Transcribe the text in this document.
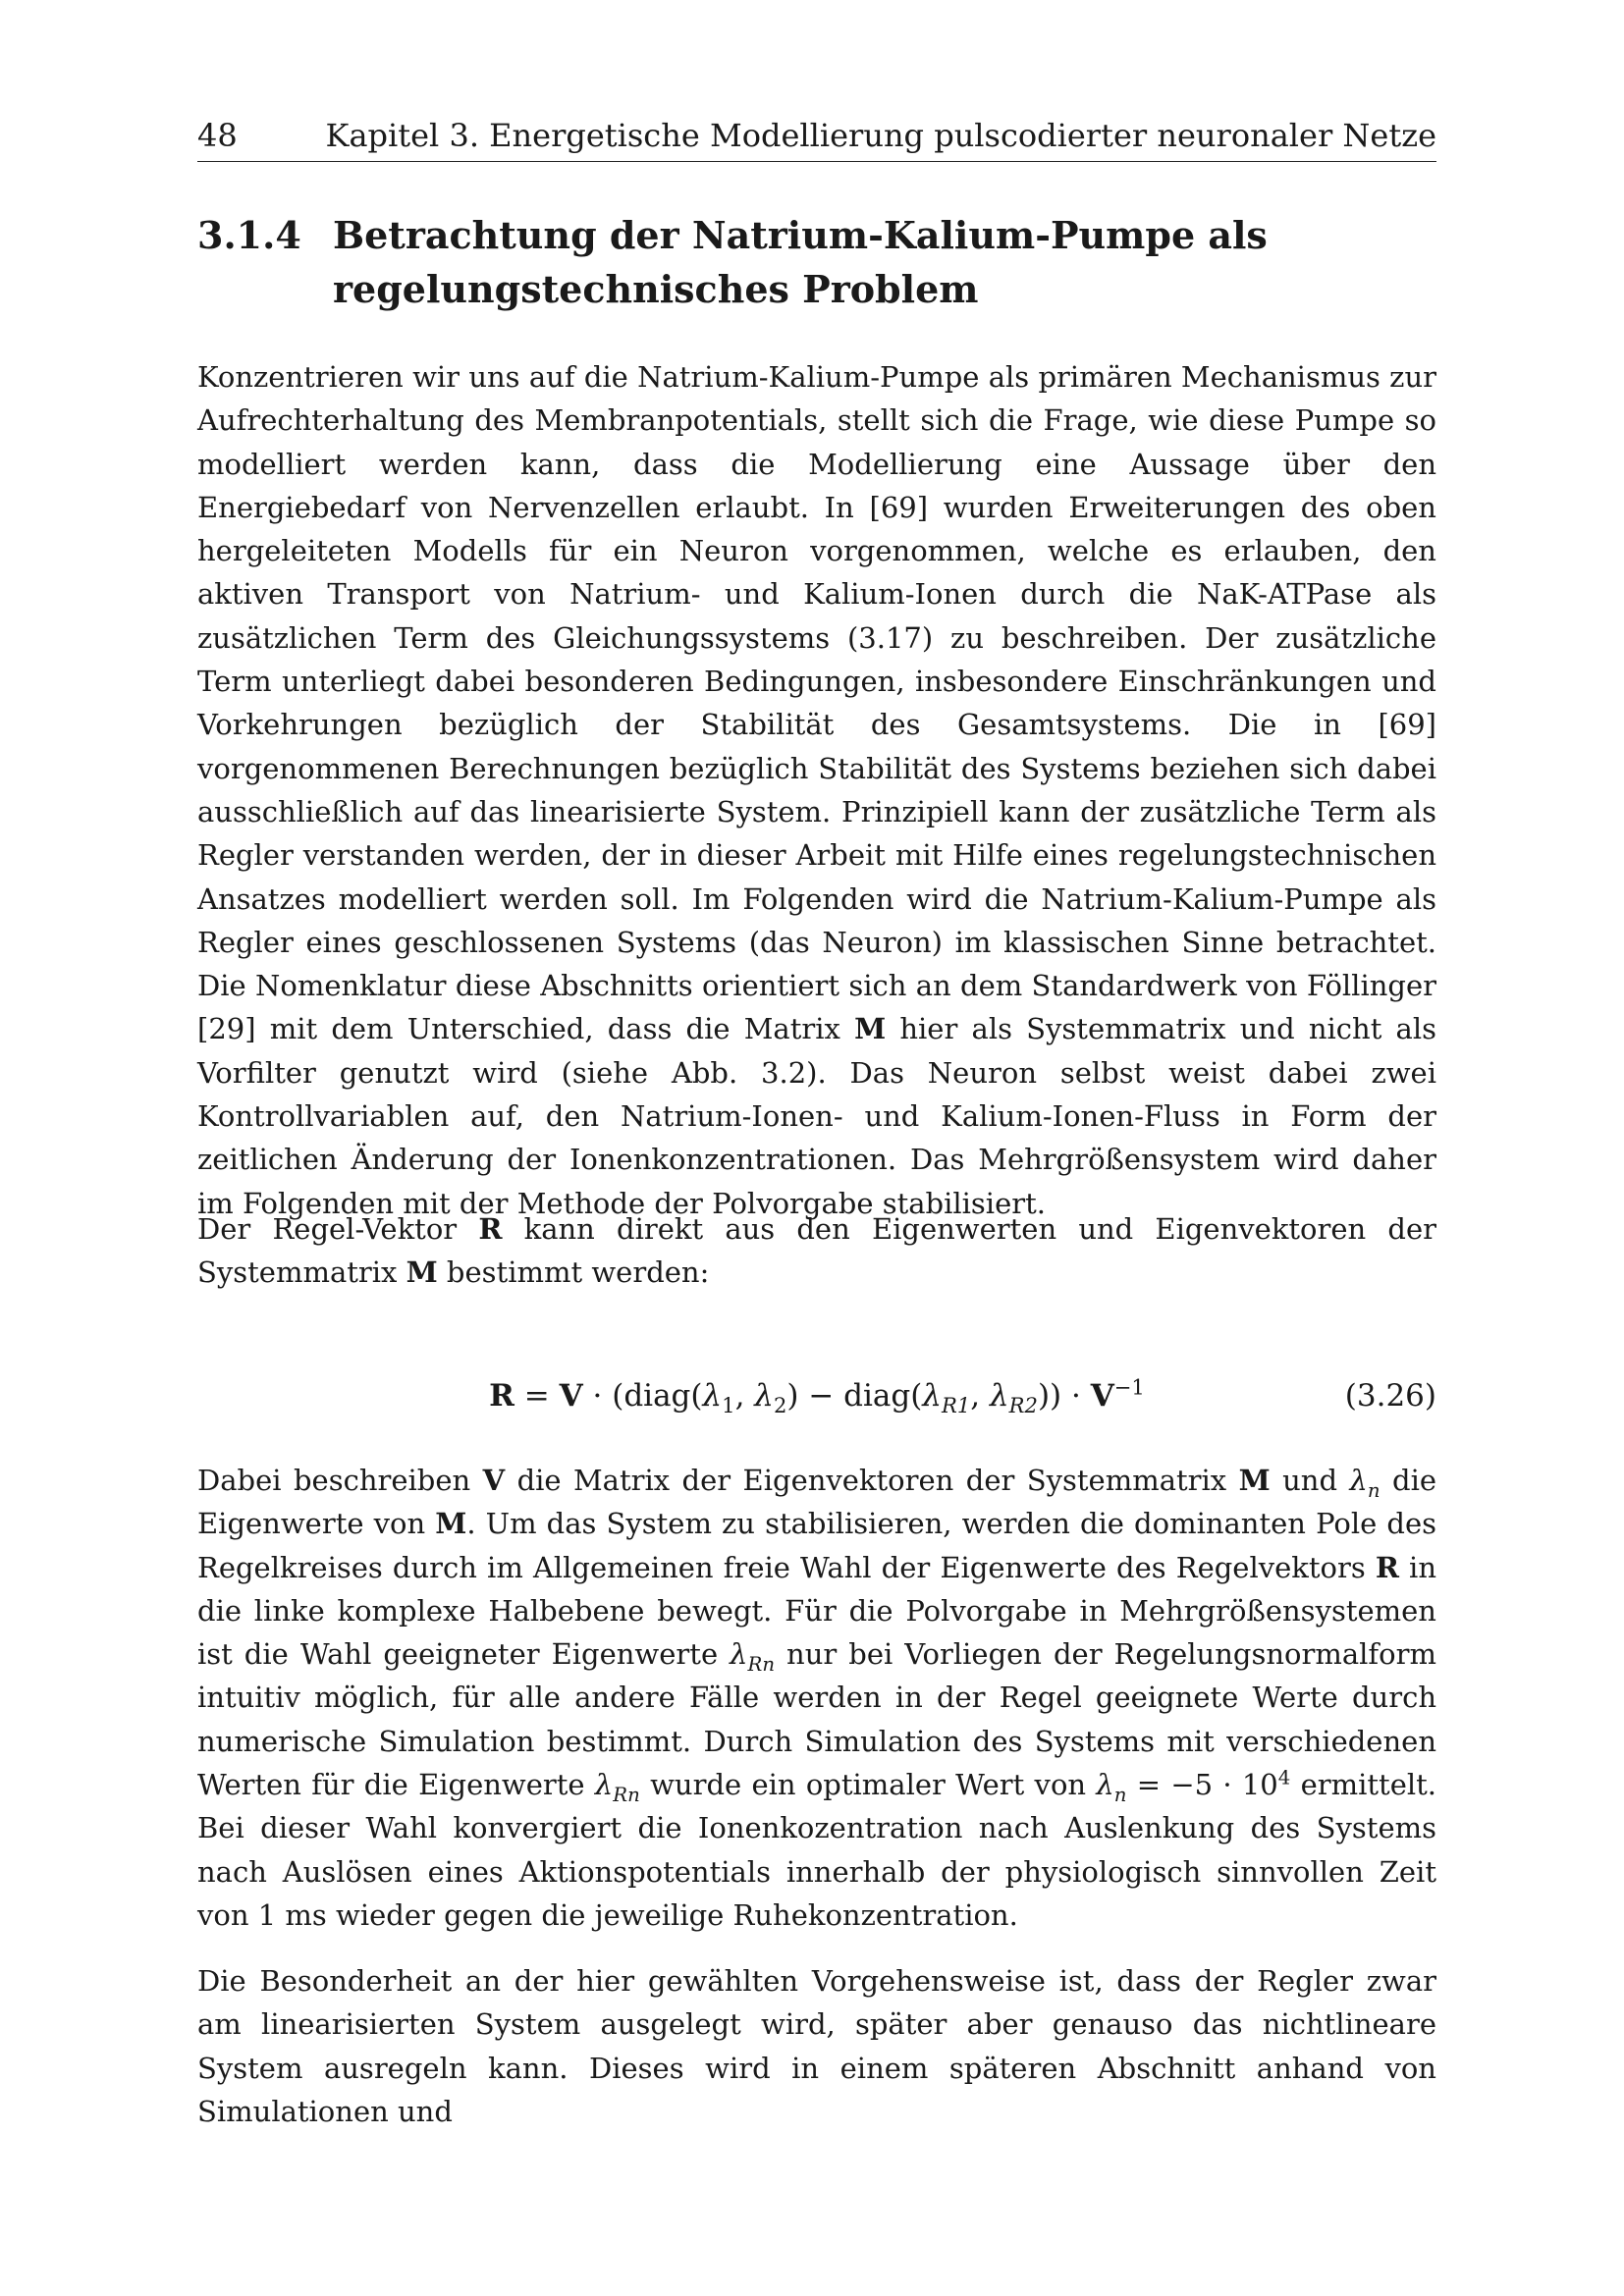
48	Kapitel 3. Energetische Modellierung pulscodierter neuronaler Netze
3.1.4 Betrachtung der Natrium-Kalium-Pumpe als regelungstechnisches Problem

Konzentrieren wir uns auf die Natrium-Kalium-Pumpe als primären Mechanismus zur Aufrechterhaltung des Membranpotentials, stellt sich die Frage, wie diese Pumpe so modelliert werden kann, dass die Modellierung eine Aussage über den Energiebedarf von Nervenzellen erlaubt. In [69] wurden Erweiterungen des oben hergeleiteten Modells für ein Neuron vorgenommen, welche es erlauben, den aktiven Transport von Natrium- und Kalium-Ionen durch die NaK-ATPase als zusätzlichen Term des Gleichungssystems (3.17) zu beschreiben. Der zusätzliche Term unterliegt dabei besonderen Bedingungen, insbesondere Einschränkungen und Vorkehrungen bezüglich der Stabilität des Gesamtsystems. Die in [69] vorgenommenen Berechnungen bezüglich Stabilität des Systems beziehen sich dabei ausschließlich auf das linearisierte System. Prinzipiell kann der zusätzliche Term als Regler verstanden werden, der in dieser Arbeit mit Hilfe eines regelungstechnischen Ansatzes modelliert werden soll. Im Folgenden wird die Natrium-Kalium-Pumpe als Regler eines geschlossenen Systems (das Neuron) im klassischen Sinne betrachtet. Die Nomenklatur diese Abschnitts orientiert sich an dem Standardwerk von Föllinger [29] mit dem Unterschied, dass die Matrix M hier als Systemmatrix und nicht als Vorfilter genutzt wird (siehe Abb. 3.2). Das Neuron selbst weist dabei zwei Kontrollvariablen auf, den Natrium-Ionen- und Kalium-Ionen-Fluss in Form der zeitlichen Änderung der Ionenkonzentrationen. Das Mehrgrößensystem wird daher im Folgenden mit der Methode der Polvorgabe stabilisiert.

Der Regel-Vektor R kann direkt aus den Eigenwerten und Eigenvektoren der Systemmatrix M bestimmt werden:

$R = V \cdot (diag(\lambda_1$, $\lambda_2$) − $diag(\lambda_{R1}$, $\lambda_{R2})) \cdot V^{-1}$	(3.26)

Dabei beschreiben V die Matrix der Eigenvektoren der Systemmatrix M und $\lambda_n$ die Eigenwerte von M. Um das System zu stabilisieren, werden die dominanten Pole des Regelkreises durch im Allgemeinen freie Wahl der Eigenwerte des Regelvektors R in die linke komplexe Halbebene bewegt. Für die Polvorgabe in Mehrgrößensystemen ist die Wahl geeigneter Eigenwerte $\lambda_{Rn}$ nur bei Vorliegen der Regelungsnormalform intuitiv möglich, für alle andere Fälle werden in der Regel geeignete Werte durch numerische Simulation bestimmt. Durch Simulation des Systems mit verschiedenen Werten für die Eigenwerte $\lambda_{Rn}$ wurde ein optimaler Wert von $\lambda_n = -5 \cdot 10^4$ ermittelt. Bei dieser Wahl konvergiert die Ionenkozentration nach Auslenkung des Systems nach Auslösen eines Aktionspotentials innerhalb der physiologisch sinnvollen Zeit von 1 ms wieder gegen die jeweilige Ruhekonzentration.

Die Besonderheit an der hier gewählten Vorgehensweise ist, dass der Regler zwar am linearisierten System ausgelegt wird, später aber genauso das nichtlineare System ausregeln kann. Dieses wird in einem späteren Abschnitt anhand von Simulationen und
